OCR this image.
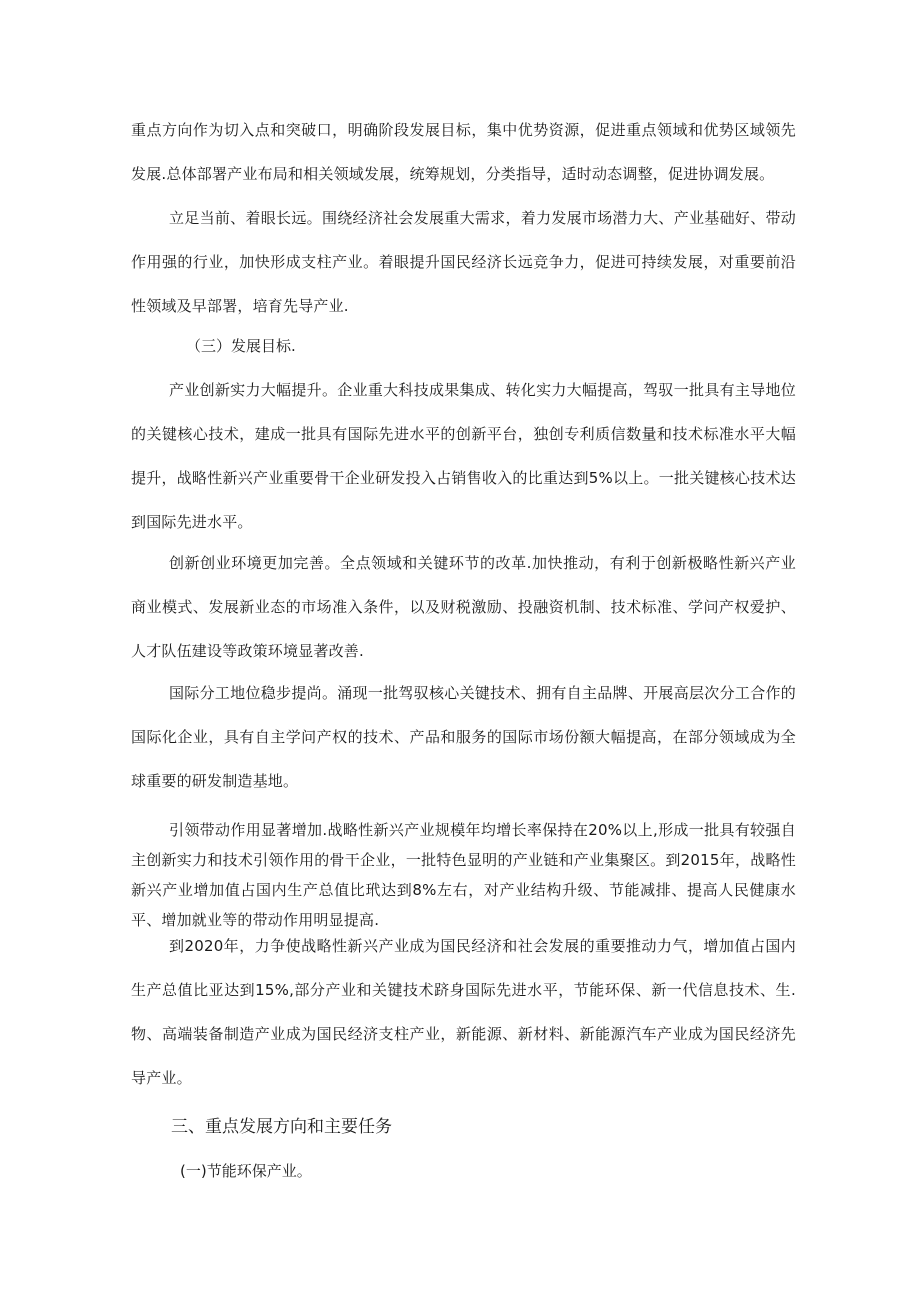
重点方向作为切入点和突破口，明确阶段发展目标，集中优势资源，促进重点领域和优势区域领先发展.总体部署产业布局和相关领域发展，统筹规划，分类指导，适时动态调整，促进协调发展。

立足当前、着眼长远。围绕经济社会发展重大需求，着力发展市场潜力大、产业基础好、带动作用强的行业，加快形成支柱产业。着眼提升国民经济长远竞争力，促进可持续发展，对重要前沿性领域及早部署，培育先导产业.

（三）发展目标.

产业创新实力大幅提升。企业重大科技成果集成、转化实力大幅提高，驾驭一批具有主导地位的关键核心技术，建成一批具有国际先进水平的创新平台，独创专利质信数量和技术标准水平大幅提升，战略性新兴产业重要骨干企业研发投入占销售收入的比重达到5%以上。一批关键核心技术达到国际先进水平。

创新创业环境更加完善。全点领域和关键环节的改革.加快推动，有利于创新极略性新兴产业商业模式、发展新业态的市场准入条件，以及财税激励、投融资机制、技术标准、学问产权爱护、人才队伍建设等政策环境显著改善.

国际分工地位稳步提尚。涌现一批驾驭核心关键技术、拥有自主品牌、开展高层次分工合作的国际化企业，具有自主学问产权的技术、产品和服务的国际市场份额大幅提高，在部分领域成为全球重要的研发制造基地。

引领带动作用显著增加.战略性新兴产业规模年均增长率保持在20%以上,形成一批具有较强自主创新实力和技术引领作用的骨干企业，一批特色显明的产业链和产业集聚区。到2015年，战略性新兴产业增加值占国内生产总值比玳达到8%左右，对产业结构升级、节能减排、提高人民健康水平、增加就业等的带动作用明显提高.

到2020年，力争使战略性新兴产业成为国民经济和社会发展的重要推动力气，增加值占国内生产总值比亚达到15%,部分产业和关键技术跻身国际先进水平，节能环保、新一代信息技术、生.物、高端装备制造产业成为国民经济支柱产业，新能源、新材料、新能源汽车产业成为国民经济先导产业。

三、重点发展方向和主要任务

(一)节能环保产业。
